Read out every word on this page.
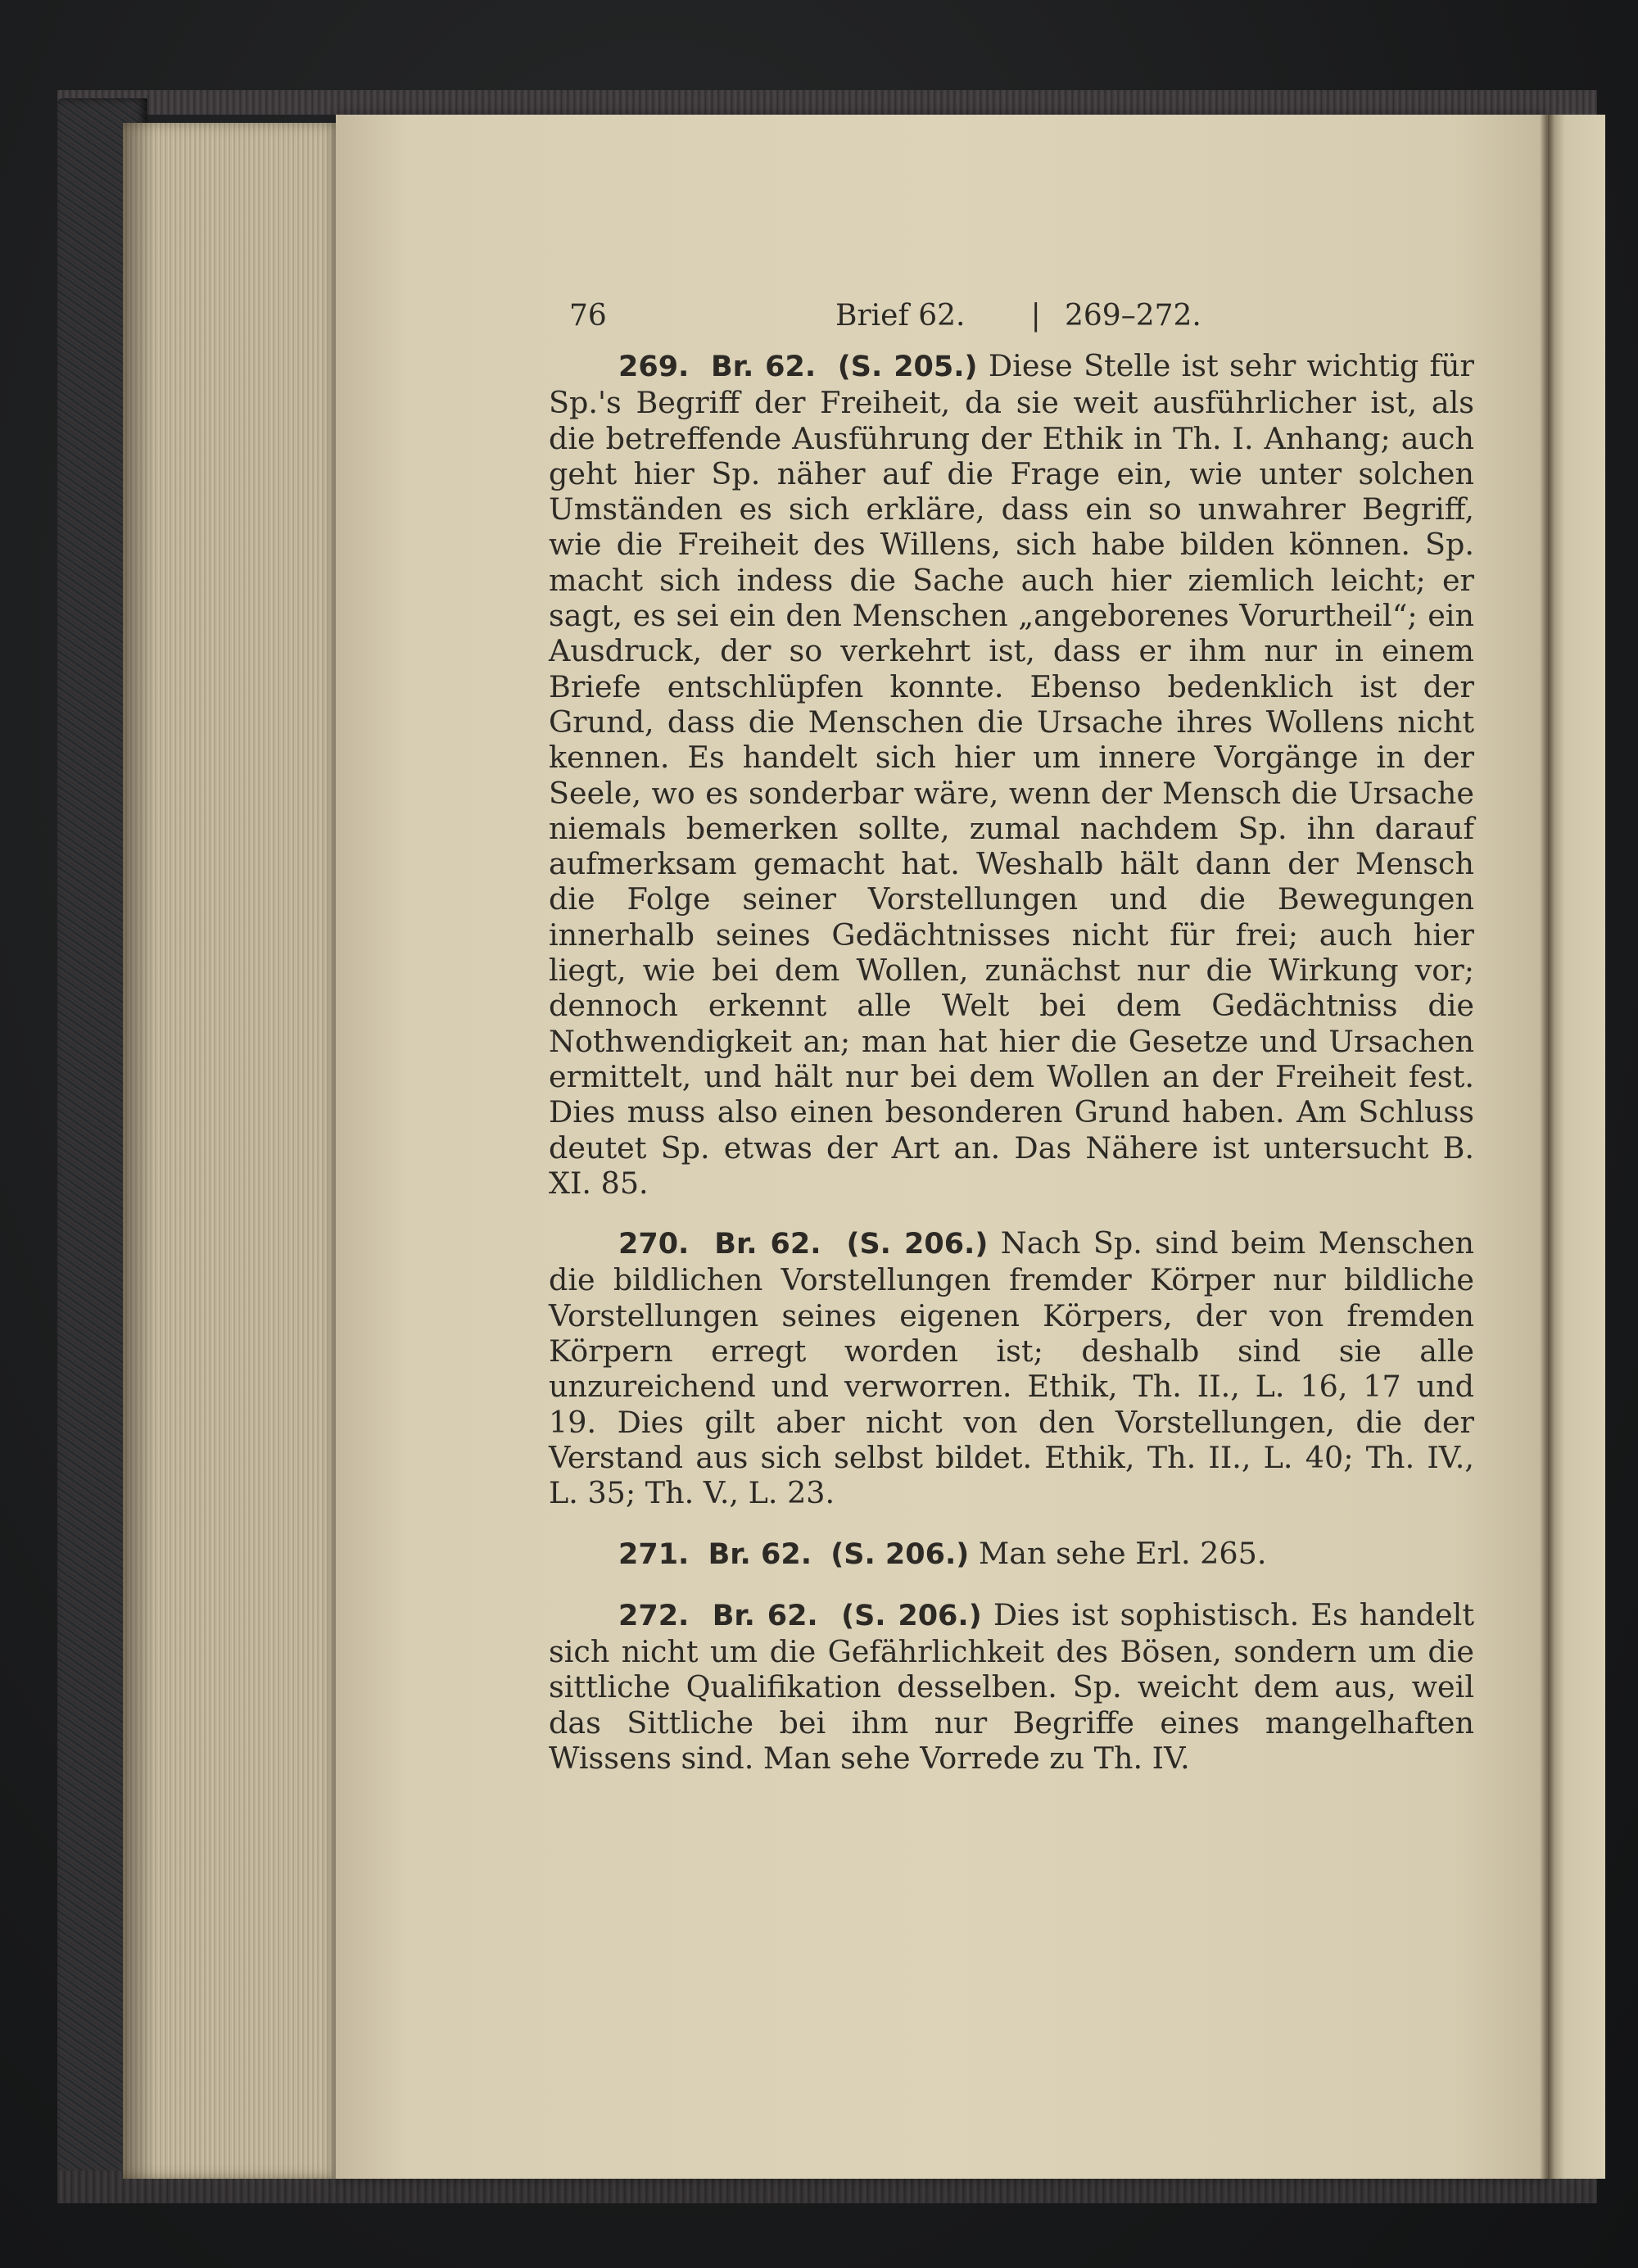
76	Brief 62. | 269–272.

269. Br. 62. (S. 205.) Diese Stelle ist sehr wichtig für Sp.'s Begriff der Freiheit, da sie weit ausführlicher ist, als die betreffende Ausführung der Ethik in Th. I. Anhang; auch geht hier Sp. näher auf die Frage ein, wie unter solchen Umständen es sich erkläre, dass ein so unwahrer Begriff, wie die Freiheit des Willens, sich habe bilden können. Sp. macht sich indess die Sache auch hier ziemlich leicht; er sagt, es sei ein den Menschen „angeborenes Vorurtheil“; ein Ausdruck, der so verkehrt ist, dass er ihm nur in einem Briefe entschlüpfen konnte. Ebenso bedenklich ist der Grund, dass die Menschen die Ursache ihres Wollens nicht kennen. Es handelt sich hier um innere Vorgänge in der Seele, wo es sonderbar wäre, wenn der Mensch die Ursache niemals bemerken sollte, zumal nachdem Sp. ihn darauf aufmerksam gemacht hat. Weshalb hält dann der Mensch die Folge seiner Vorstellungen und die Bewegungen innerhalb seines Gedächtnisses nicht für frei; auch hier liegt, wie bei dem Wollen, zunächst nur die Wirkung vor; dennoch erkennt alle Welt bei dem Gedächtniss die Nothwendigkeit an; man hat hier die Gesetze und Ursachen ermittelt, und hält nur bei dem Wollen an der Freiheit fest. Dies muss also einen besonderen Grund haben. Am Schluss deutet Sp. etwas der Art an. Das Nähere ist untersucht B. XI. 85.

270. Br. 62. (S. 206.) Nach Sp. sind beim Menschen die bildlichen Vorstellungen fremder Körper nur bildliche Vorstellungen seines eigenen Körpers, der von fremden Körpern erregt worden ist; deshalb sind sie alle unzureichend und verworren. Ethik, Th. II., L. 16, 17 und 19. Dies gilt aber nicht von den Vorstellungen, die der Verstand aus sich selbst bildet. Ethik, Th. II., L. 40; Th. IV., L. 35; Th. V., L. 23.

271. Br. 62. (S. 206.) Man sehe Erl. 265.

272. Br. 62. (S. 206.) Dies ist sophistisch. Es handelt sich nicht um die Gefährlichkeit des Bösen, sondern um die sittliche Qualifikation desselben. Sp. weicht dem aus, weil das Sittliche bei ihm nur Begriffe eines mangelhaften Wissens sind. Man sehe Vorrede zu Th. IV.
